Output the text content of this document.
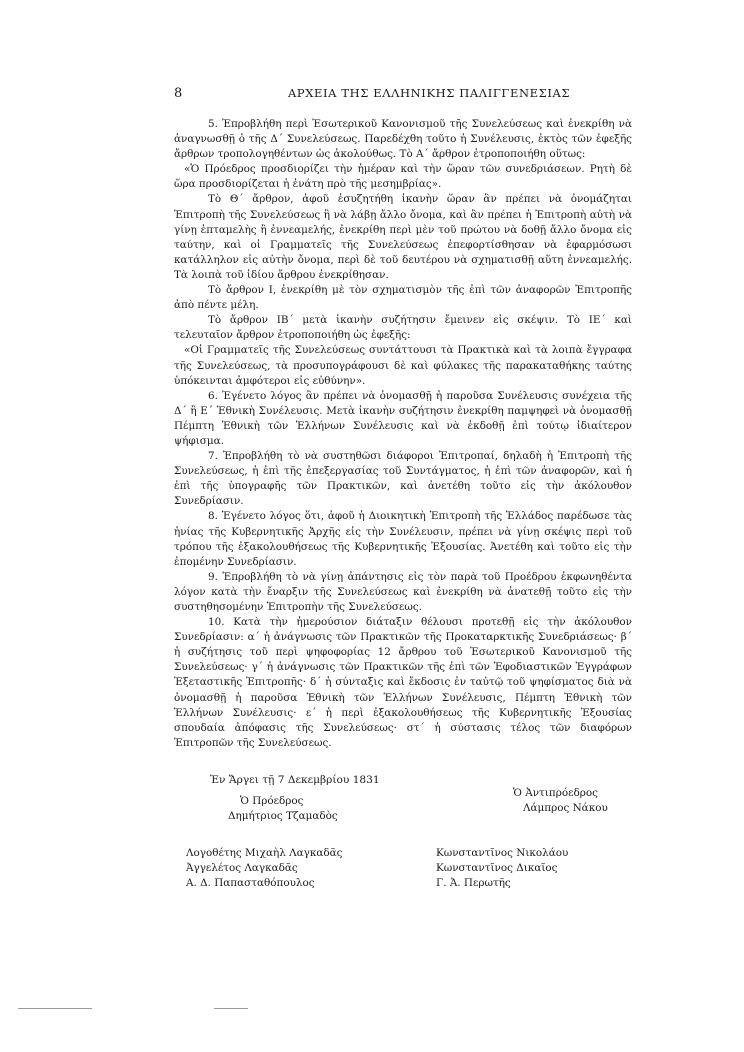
8	ΑΡΧΕΙΑ ΤΗΣ ΕΛΛΗΝΙΚΗΣ ΠΑΛΙΓΓΕΝΕΣΙΑΣ

5. Ἐπροβλήθη περὶ Ἐσωτερικοῦ Κανονισμοῦ τῆς Συνελεύσεως καὶ ἐνεκρίθη νὰ ἀναγνωσθῇ ὁ τῆς Δ΄ Συνελεύσεως. Παρεδέχθη τοῦτο ἡ Συνέλευσις, ἐκτὸς τῶν ἐφεξῆς ἄρθρων τροπολογηθέντων ὡς ἀκολούθως. Τὸ Α΄ ἄρθρον ἐτροποποιήθη οὕτως:

«Ὁ Πρόεδρος προσδιορίζει τὴν ἡμέραν καὶ τὴν ὥραν τῶν συνεδριάσεων. Ρητὴ δὲ ὥρα προσδιορίζεται ἡ ἐνάτη πρὸ τῆς μεσημβρίας».

Τὸ Θ΄ ἄρθρον, ἀφοῦ ἐσυζητήθη ἱκανὴν ὥραν ἂν πρέπει νὰ ὀνομάζηται Ἐπιτροπὴ τῆς Συνελεύσεως ἢ νὰ λάβῃ ἄλλο ὄνομα, καὶ ἂν πρέπει ἡ Ἐπιτροπὴ αὐτὴ νὰ γίνῃ ἑπταμελὴς ἢ ἐννεαμελής, ἐνεκρίθη περὶ μὲν τοῦ πρώτου νὰ δοθῇ ἄλλο ὄνομα εἰς ταύτην, καὶ οἱ Γραμματεῖς τῆς Συνελεύσεως ἐπεφορτίσθησαν νὰ ἐφαρμόσωσι κατάλληλον εἰς αὐτὴν ὄνομα, περὶ δὲ τοῦ δευτέρου νὰ σχηματισθῇ αὕτη ἐννεαμελής. Τὰ λοιπὰ τοῦ ἰδίου ἄρθρου ἐνεκρίθησαν.

Τὸ ἄρθρον Ι, ἐνεκρίθη μὲ τὸν σχηματισμὸν τῆς ἐπὶ τῶν ἀναφορῶν Ἐπιτροπῆς ἀπὸ πέντε μέλη.

Τὸ ἄρθρον ΙΒ΄ μετὰ ἱκανὴν συζήτησιν ἔμεινεν εἰς σκέψιν. Τὸ ΙΕ΄ καὶ τελευταῖον ἄρθρον ἐτροποποιήθη ὡς ἐφεξῆς:

«Οἱ Γραμματεῖς τῆς Συνελεύσεως συντάττουσι τὰ Πρακτικὰ καὶ τὰ λοιπὰ ἔγγραφα τῆς Συνελεύσεως, τὰ προσυπογράφουσι δὲ καὶ φύλακες τῆς παρακαταθήκης ταύτης ὑπόκεινται ἀμφότεροι εἰς εὐθύνην».

6. Ἐγένετο λόγος ἂν πρέπει νὰ ὀνομασθῇ ἡ παροῦσα Συνέλευσις συνέχεια τῆς Δ΄ ἢ Ε΄ Ἐθνικὴ Συνέλευσις. Μετὰ ἱκανὴν συζήτησιν ἐνεκρίθη παμψηφεὶ νὰ ὀνομασθῇ Πέμπτη Ἐθνικὴ τῶν Ἑλλήνων Συνέλευσις καὶ νὰ ἐκδοθῇ ἐπὶ τούτῳ ἰδιαίτερον ψήφισμα.

7. Ἐπροβλήθη τὸ νὰ συστηθῶσι διάφοροι Ἐπιτροπαί, δηλαδὴ ἡ Ἐπιτροπὴ τῆς Συνελεύσεως, ἡ ἐπὶ τῆς ἐπεξεργασίας τοῦ Συντάγματος, ἡ ἐπὶ τῶν ἀναφορῶν, καὶ ἡ ἐπὶ τῆς ὑπογραφῆς τῶν Πρακτικῶν, καὶ ἀνετέθη τοῦτο εἰς τὴν ἀκόλουθον Συνεδρίασιν.

8. Ἐγένετο λόγος ὅτι, ἀφοῦ ἡ Διοικητικὴ Ἐπιτροπὴ τῆς Ἑλλάδος παρέδωσε τὰς ἡνίας τῆς Κυβερνητικῆς Ἀρχῆς εἰς τὴν Συνέλευσιν, πρέπει νὰ γίνῃ σκέψις περὶ τοῦ τρόπου τῆς ἐξακολουθήσεως τῆς Κυβερνητικῆς Ἐξουσίας. Ἀνετέθη καὶ τοῦτο εἰς τὴν ἐπομένην Συνεδρίασιν.

9. Ἐπροβλήθη τὸ νὰ γίνῃ ἀπάντησις εἰς τὸν παρὰ τοῦ Προέδρου ἐκφωνηθέντα λόγον κατὰ τὴν ἔναρξιν τῆς Συνελεύσεως καὶ ἐνεκρίθη νὰ ἀνατεθῇ τοῦτο εἰς τὴν συστηθησομένην Ἐπιτροπὴν τῆς Συνελεύσεως.

10. Κατὰ τὴν ἡμερούσιον διάταξιν θέλουσι προτεθῇ εἰς τὴν ἀκόλουθον Συνεδρίασιν: α΄ ἡ ἀνάγνωσις τῶν Πρακτικῶν τῆς Προκαταρκτικῆς Συνεδριάσεως· β΄ ἡ συζήτησις τοῦ περὶ ψηφοφορίας 12 ἄρθρου τοῦ Ἐσωτερικοῦ Κανονισμοῦ τῆς Συνελεύσεως· γ΄ ἡ ἀνάγνωσις τῶν Πρακτικῶν τῆς ἐπὶ τῶν Ἐφοδιαστικῶν Ἐγγράφων Ἐξεταστικῆς Ἐπιτροπῆς· δ΄ ἡ σύνταξις καὶ ἔκδοσις ἐν ταὐτῷ τοῦ ψηφίσματος διὰ νὰ ὀνομασθῇ ἡ παροῦσα Ἐθνικὴ τῶν Ἑλλήνων Συνέλευσις, Πέμπτη Ἐθνικὴ τῶν Ἑλλήνων Συνέλευσις· ε΄ ἡ περὶ ἐξακολουθήσεως τῆς Κυβερνητικῆς Ἐξουσίας σπουδαία ἀπόφασις τῆς Συνελεύσεως· στ΄ ἡ σύστασις τέλος τῶν διαφόρων Ἐπιτροπῶν τῆς Συνελεύσεως.

Ἐν Ἄργει τῇ 7 Δεκεμβρίου 1831
Ὁ Πρόεδρος
Δημήτριος Τζαμαδὸς
Ὁ Ἀντιπρόεδρος
Λάμπρος Νάκου
Λογοθέτης Μιχαὴλ Λαγκαδᾶς
Ἀγγελέτος Λαγκαδᾶς
Α. Δ. Παπασταθόπουλος
Κωνσταντῖνος Νικολάου
Κωνσταντῖνος Δικαῖος
Γ. Ἀ. Περωτῆς
